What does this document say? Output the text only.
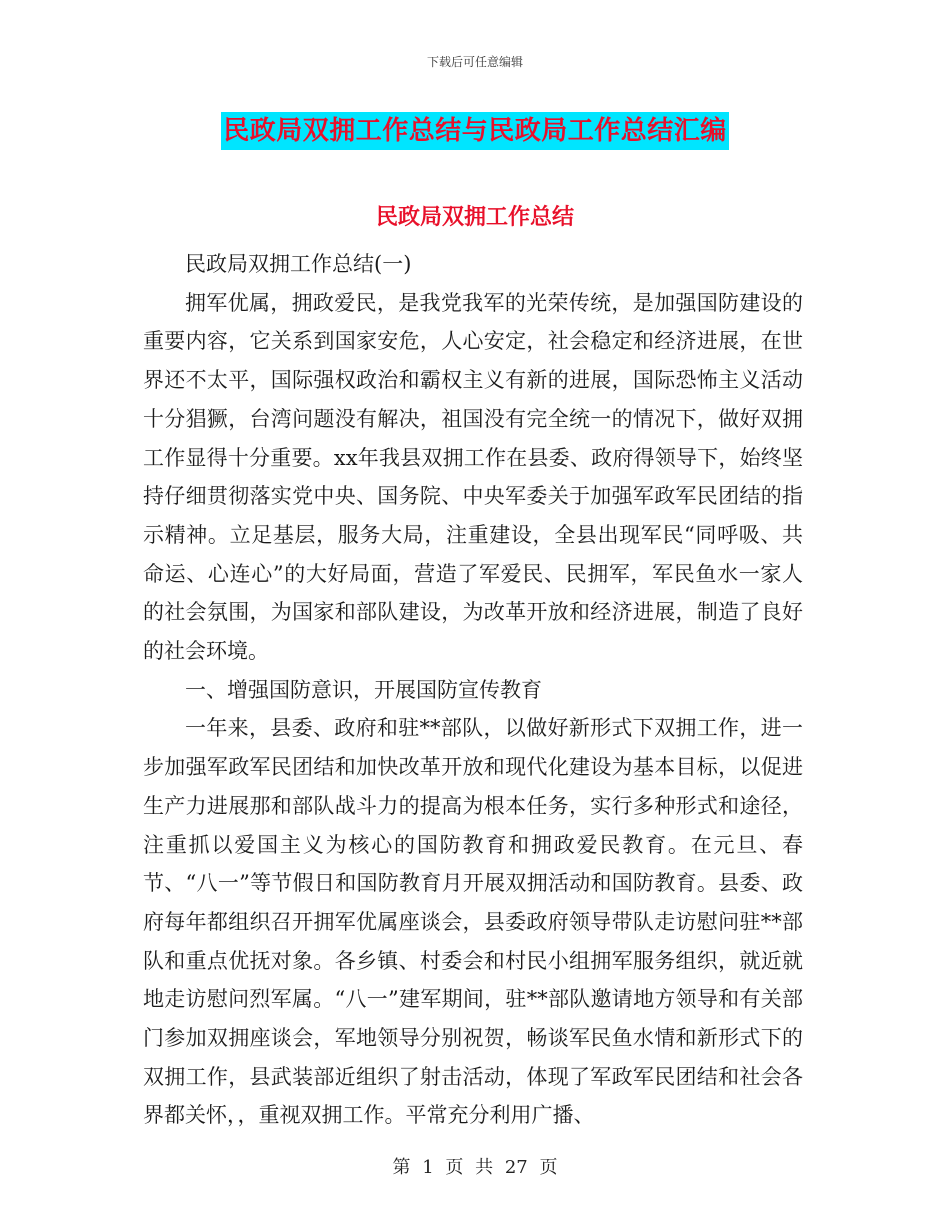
下载后可任意编辑
民政局双拥工作总结与民政局工作总结汇编
民政局双拥工作总结

民政局双拥工作总结(一)

拥军优属，拥政爱民，是我党我军的光荣传统，是加强国防建设的重要内容，它关系到国家安危，人心安定，社会稳定和经济进展，在世界还不太平，国际强权政治和霸权主义有新的进展，国际恐怖主义活动十分猖獗，台湾问题没有解决，祖国没有完全统一的情况下，做好双拥工作显得十分重要。xx年我县双拥工作在县委、政府得领导下，始终坚持仔细贯彻落实党中央、国务院、中央军委关于加强军政军民团结的指示精神。立足基层，服务大局，注重建设，全县出现军民“同呼吸、共命运、心连心”的大好局面，营造了军爱民、民拥军，军民鱼水一家人的社会氛围，为国家和部队建设，为改革开放和经济进展，制造了良好的社会环境。

一、增强国防意识，开展国防宣传教育

一年来，县委、政府和驻**部队，以做好新形式下双拥工作，进一步加强军政军民团结和加快改革开放和现代化建设为基本目标，以促进生产力进展那和部队战斗力的提高为根本任务，实行多种形式和途径，注重抓以爱国主义为核心的国防教育和拥政爱民教育。在元旦、春节、“八一”等节假日和国防教育月开展双拥活动和国防教育。县委、政府每年都组织召开拥军优属座谈会，县委政府领导带队走访慰问驻**部队和重点优抚对象。各乡镇、村委会和村民小组拥军服务组织，就近就地走访慰问烈军属。“八一”建军期间，驻**部队邀请地方领导和有关部门参加双拥座谈会，军地领导分别祝贺，畅谈军民鱼水情和新形式下的双拥工作，县武装部近组织了射击活动，体现了军政军民团结和社会各界都关怀，，重视双拥工作。平常充分利用广播、

第 1 页 共 27 页
